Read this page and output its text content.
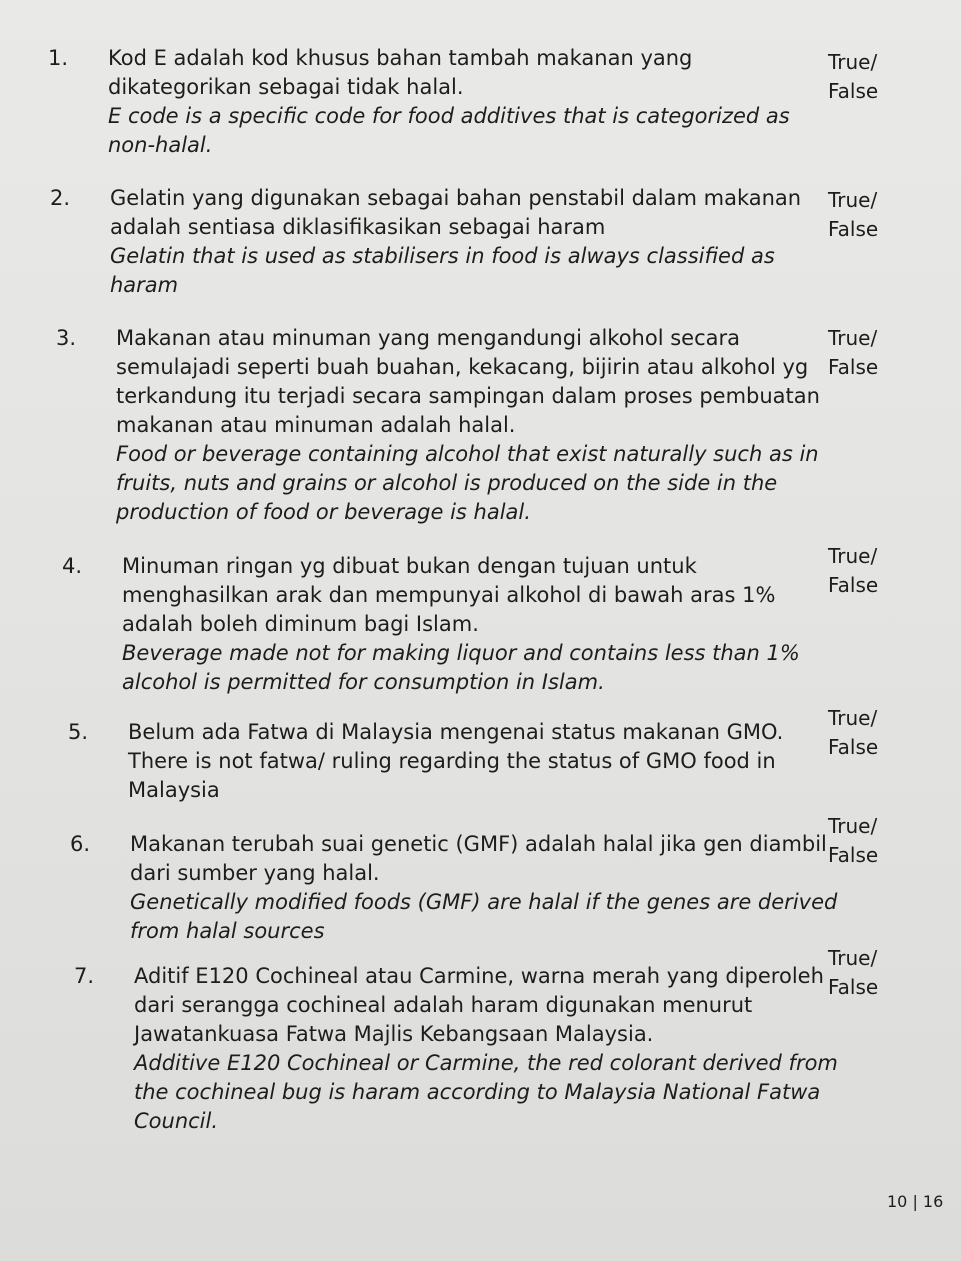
1.	Kod E adalah kod khusus bahan tambah makanan yang
dikategorikan sebagai tidak halal.
E code is a specific code for food additives that is categorized as
non-halal.
True/
False
2.	Gelatin yang digunakan sebagai bahan penstabil dalam makanan
adalah sentiasa diklasifikasikan sebagai haram
Gelatin that is used as stabilisers in food is always classified as
haram
True/
False
3.	Makanan atau minuman yang mengandungi alkohol secara
semulajadi seperti buah buahan, kekacang, bijirin atau alkohol yg
terkandung itu terjadi secara sampingan dalam proses pembuatan
makanan atau minuman adalah halal.
Food or beverage containing alcohol that exist naturally such as in
fruits, nuts and grains or alcohol is produced on the side in the
production of food or beverage is halal.
True/
False
4.	Minuman ringan yg dibuat bukan dengan tujuan untuk
menghasilkan arak dan mempunyai alkohol di bawah aras 1%
adalah boleh diminum bagi Islam.
Beverage made not for making liquor and contains less than 1%
alcohol is permitted for consumption in Islam.
True/
False
5.	Belum ada Fatwa di Malaysia mengenai status makanan GMO.
There is not fatwa/ ruling regarding the status of GMO food in
Malaysia
True/
False
6.	Makanan terubah suai genetic (GMF) adalah halal jika gen diambil
dari sumber yang halal.
Genetically modified foods (GMF) are halal if the genes are derived
from halal sources
True/
False
7.	Aditif E120 Cochineal atau Carmine, warna merah yang diperoleh
dari serangga cochineal adalah haram digunakan menurut
Jawatankuasa Fatwa Majlis Kebangsaan Malaysia.
Additive E120 Cochineal or Carmine, the red colorant derived from
the cochineal bug is haram according to Malaysia National Fatwa
Council.
True/
False
10 | 16
